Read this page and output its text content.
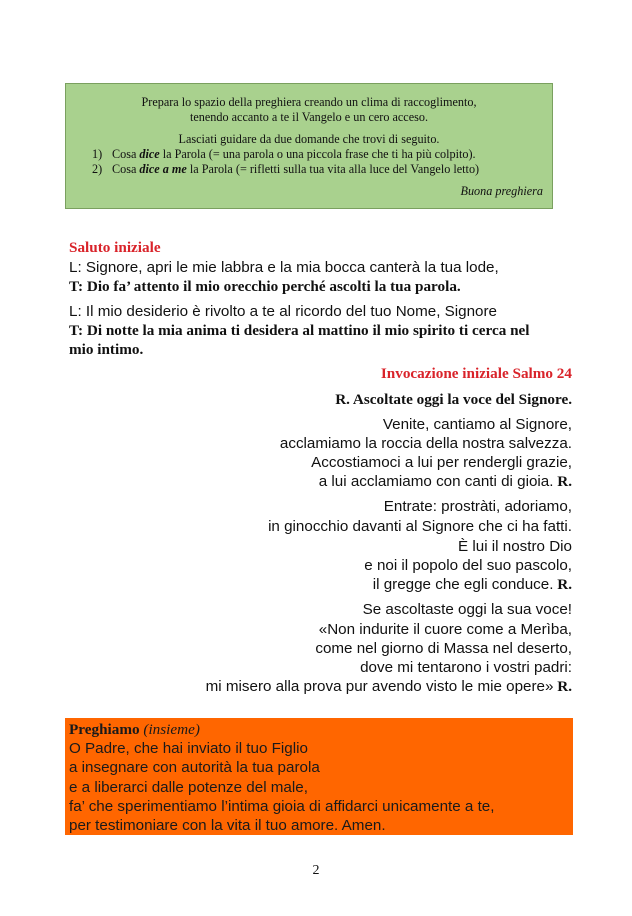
Prepara lo spazio della preghiera creando un clima di raccoglimento,
tenendo accanto a te il Vangelo e un cero acceso.
Lasciati guidare da due domande che trovi di seguito.
1) Cosa dice la Parola (= una parola o una piccola frase che ti ha più colpito).
2) Cosa dice a me la Parola (= rifletti sulla tua vita alla luce del Vangelo letto)
Buona preghiera
Saluto iniziale
L: Signore, apri le mie labbra e la mia bocca canterà la tua lode,
T: Dio fa’ attento il mio orecchio perché ascolti la tua parola.
L: Il mio desiderio è rivolto a te al ricordo del tuo Nome, Signore
T: Di notte la mia anima ti desidera al mattino il mio spirito ti cerca nel
mio intimo.
Invocazione iniziale Salmo 24
R. Ascoltate oggi la voce del Signore.
Venite, cantiamo al Signore,
acclamiamo la roccia della nostra salvezza.
Accostiamoci a lui per rendergli grazie,
a lui acclamiamo con canti di gioia. R.
Entrate: prostràti, adoriamo,
in ginocchio davanti al Signore che ci ha fatti.
È lui il nostro Dio
e noi il popolo del suo pascolo,
il gregge che egli conduce. R.
Se ascoltaste oggi la sua voce!
«Non indurite il cuore come a Merìba,
come nel giorno di Massa nel deserto,
dove mi tentarono i vostri padri:
mi misero alla prova pur avendo visto le mie opere» R.
Preghiamo (insieme)
O Padre, che hai inviato il tuo Figlio
a insegnare con autorità la tua parola
e a liberarci dalle potenze del male,
fa’ che sperimentiamo l’intima gioia di affidarci unicamente a te,
per testimoniare con la vita il tuo amore. Amen.
2
